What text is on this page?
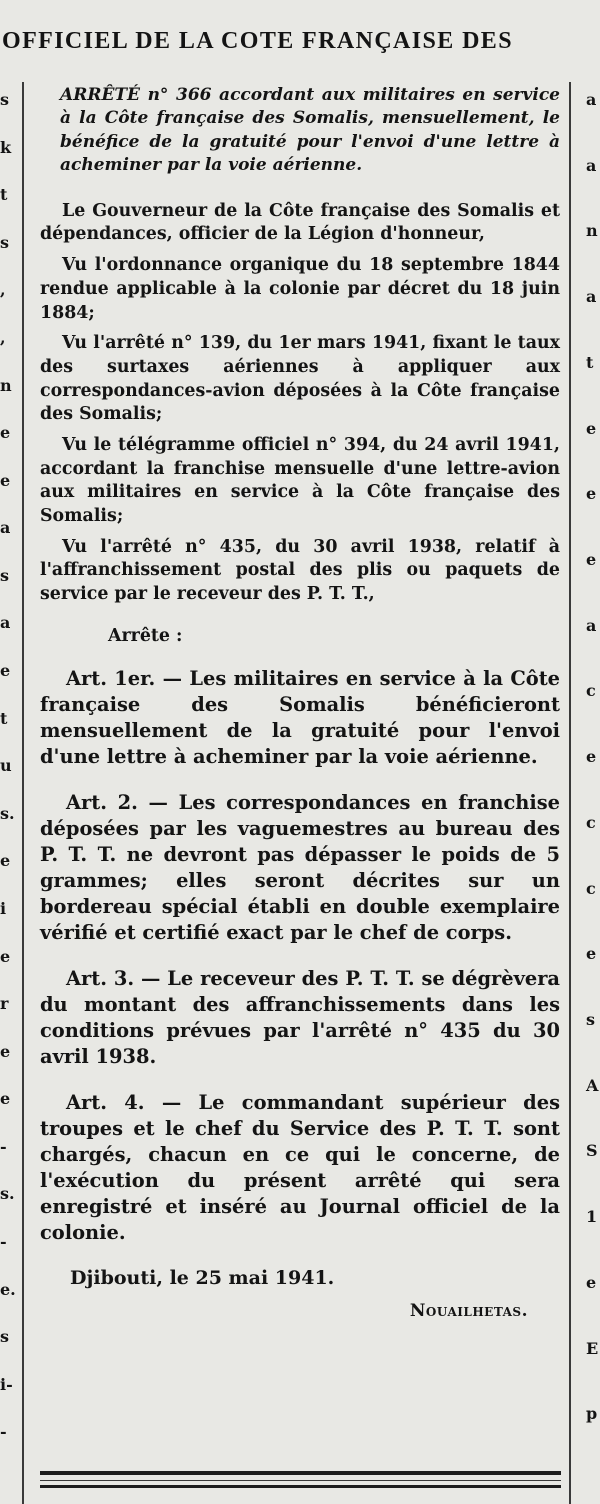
OFFICIEL DE LA COTE FRANÇAISE DES
s
k
t
s
,
,
n
e
e
a
s
a
e
t
u
s.
e
i
e
r
e
e
-
s.
-
e.
s
i-
-
a
a
n
a
t
e
e
e
a
c
e
c
c
e
s
A
S
1
e
E
p
ARRÊTÉ n° 366 accordant aux militaires en service à la Côte française des Somalis, mensuellement, le bénéfice de la gratuité pour l'envoi d'une lettre à acheminer par la voie aérienne.

Le Gouverneur de la Côte française des Somalis et dépendances, officier de la Légion d'honneur,

Vu l'ordonnance organique du 18 septembre 1844 rendue applicable à la colonie par décret du 18 juin 1884;

Vu l'arrêté n° 139, du 1er mars 1941, fixant le taux des surtaxes aériennes à appliquer aux correspondances-avion déposées à la Côte française des Somalis;

Vu le télégramme officiel n° 394, du 24 avril 1941, accordant la franchise mensuelle d'une lettre-avion aux militaires en service à la Côte française des Somalis;

Vu l'arrêté n° 435, du 30 avril 1938, relatif à l'affranchissement postal des plis ou paquets de service par le receveur des P. T. T.,

Arrête :

Art. 1er. — Les militaires en service à la Côte française des Somalis bénéficieront mensuellement de la gratuité pour l'envoi d'une lettre à acheminer par la voie aérienne.

Art. 2. — Les correspondances en franchise déposées par les vaguemestres au bureau des P. T. T. ne devront pas dépasser le poids de 5 grammes; elles seront décrites sur un bordereau spécial établi en double exemplaire vérifié et certifié exact par le chef de corps.

Art. 3. — Le receveur des P. T. T. se dégrèvera du montant des affranchissements dans les conditions prévues par l'arrêté n° 435 du 30 avril 1938.

Art. 4. — Le commandant supérieur des troupes et le chef du Service des P. T. T. sont chargés, chacun en ce qui le concerne, de l'exécution du présent arrêté qui sera enregistré et inséré au Journal officiel de la colonie.

Djibouti, le 25 mai 1941.
Nouailhetas.
